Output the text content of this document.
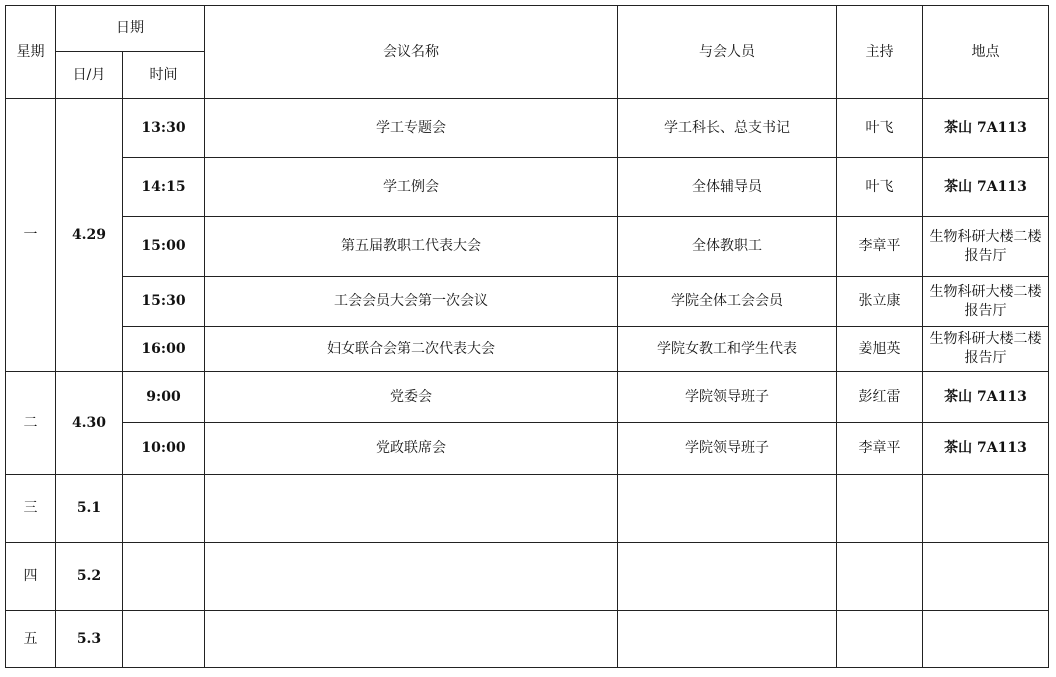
星期	日期		会议名称	与会人员	主持	地点
	日/月	时间				
一	4.29	13:30	学工专题会	学工科长、总支书记	叶飞	茶山 7A113
		14:15	学工例会	全体辅导员	叶飞	茶山 7A113
		15:00	第五届教职工代表大会	全体教职工	李章平	生物科研大楼二楼报告厅
		15:30	工会会员大会第一次会议	学院全体工会会员	张立康	生物科研大楼二楼报告厅
		16:00	妇女联合会第二次代表大会	学院女教工和学生代表	姜旭英	生物科研大楼二楼报告厅
二	4.30	9:00	党委会	学院领导班子	彭红雷	茶山 7A113
		10:00	党政联席会	学院领导班子	李章平	茶山 7A113
三	5.1					
四	5.2					
五	5.3					
